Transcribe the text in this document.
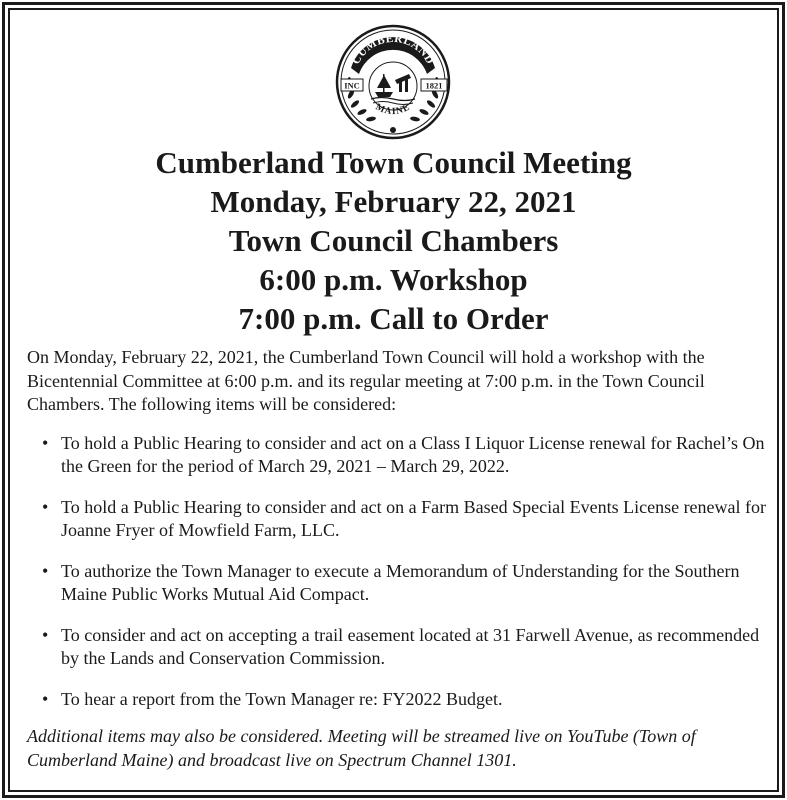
CUMBERLAND
INC	1821
MAINE
Cumberland Town Council Meeting
Monday, February 22, 2021
Town Council Chambers
6:00 p.m. Workshop
7:00 p.m. Call to Order

On Monday, February 22, 2021, the Cumberland Town Council will hold a workshop with the Bicentennial Committee at 6:00 p.m. and its regular meeting at 7:00 p.m. in the Town Council Chambers. The following items will be considered:

• To hold a Public Hearing to consider and act on a Class I Liquor License renewal for Rachel’s On the Green for the period of March 29, 2021 – March 29, 2022.
• To hold a Public Hearing to consider and act on a Farm Based Special Events License renewal for Joanne Fryer of Mowfield Farm, LLC.
• To authorize the Town Manager to execute a Memorandum of Understanding for the Southern Maine Public Works Mutual Aid Compact.
• To consider and act on accepting a trail easement located at 31 Farwell Avenue, as recommended by the Lands and Conservation Commission.
• To hear a report from the Town Manager re: FY2022 Budget.
Additional items may also be considered. Meeting will be streamed live on YouTube (Town of Cumberland Maine) and broadcast live on Spectrum Channel 1301.
